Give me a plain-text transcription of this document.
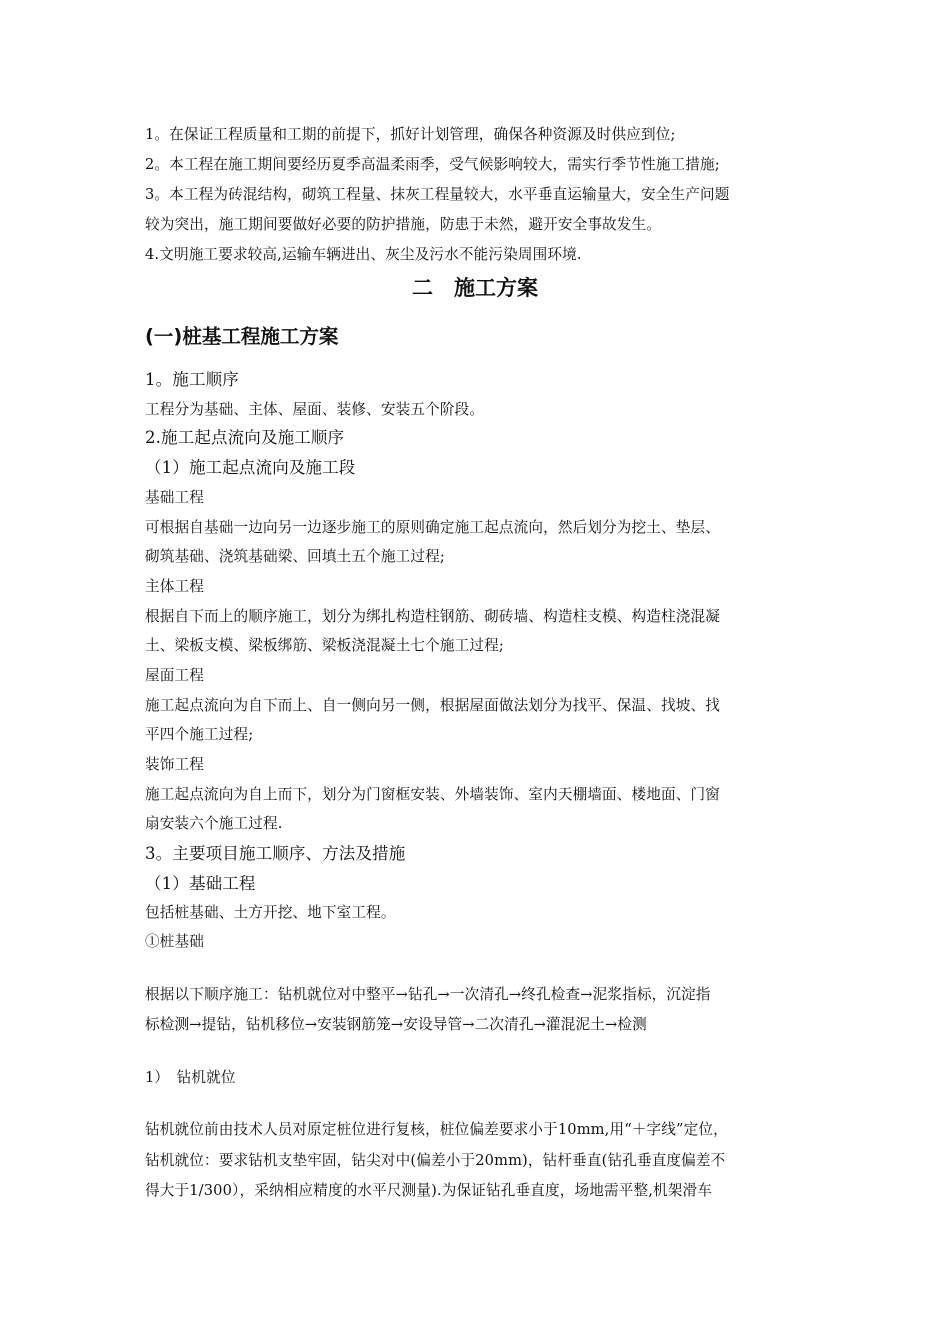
1。在保证工程质量和工期的前提下，抓好计划管理，确保各种资源及时供应到位;

2。本工程在施工期间要经历夏季高温柔雨季，受气候影响较大，需实行季节性施工措施;

3。本工程为砖混结构，砌筑工程量、抹灰工程量较大，水平垂直运输量大，安全生产问题

较为突出，施工期间要做好必要的防护措施，防患于未然，避开安全事故发生。

4.文明施工要求较高,运输车辆进出、灰尘及污水不能污染周围环境.

二　施工方案
(一)桩基工程施工方案

1。施工顺序

工程分为基础、主体、屋面、装修、安装五个阶段。

2.施工起点流向及施工顺序

（1）施工起点流向及施工段

基础工程

可根据自基础一边向另一边逐步施工的原则确定施工起点流向，然后划分为挖土、垫层、

砌筑基础、浇筑基础梁、回填土五个施工过程;

主体工程

根据自下而上的顺序施工，划分为绑扎构造柱钢筋、砌砖墙、构造柱支模、构造柱浇混凝

土、梁板支模、梁板绑筋、梁板浇混凝土七个施工过程;

屋面工程

施工起点流向为自下而上、自一侧向另一侧，根据屋面做法划分为找平、保温、找坡、找

平四个施工过程;

装饰工程

施工起点流向为自上而下，划分为门窗框安装、外墙装饰、室内天棚墙面、楼地面、门窗

扇安装六个施工过程.

3。主要项目施工顺序、方法及措施

（1）基础工程

包括桩基础、土方开挖、地下室工程。

①桩基础

根据以下顺序施工：钻机就位对中整平→钻孔→一次清孔→终孔检查→泥浆指标，沉淀指

标检测→提钻，钻机移位→安装钢筋笼→安设导管→二次清孔→灌混泥土→检测

1）　钻机就位

钻机就位前由技术人员对原定桩位进行复核，桩位偏差要求小于10mm,用“＋字线”定位，

钻机就位：要求钻机支垫牢固，钻尖对中(偏差小于20mm)，钻杆垂直(钻孔垂直度偏差不

得大于1/300），采纳相应精度的水平尺测量).为保证钻孔垂直度，场地需平整,机架滑车
